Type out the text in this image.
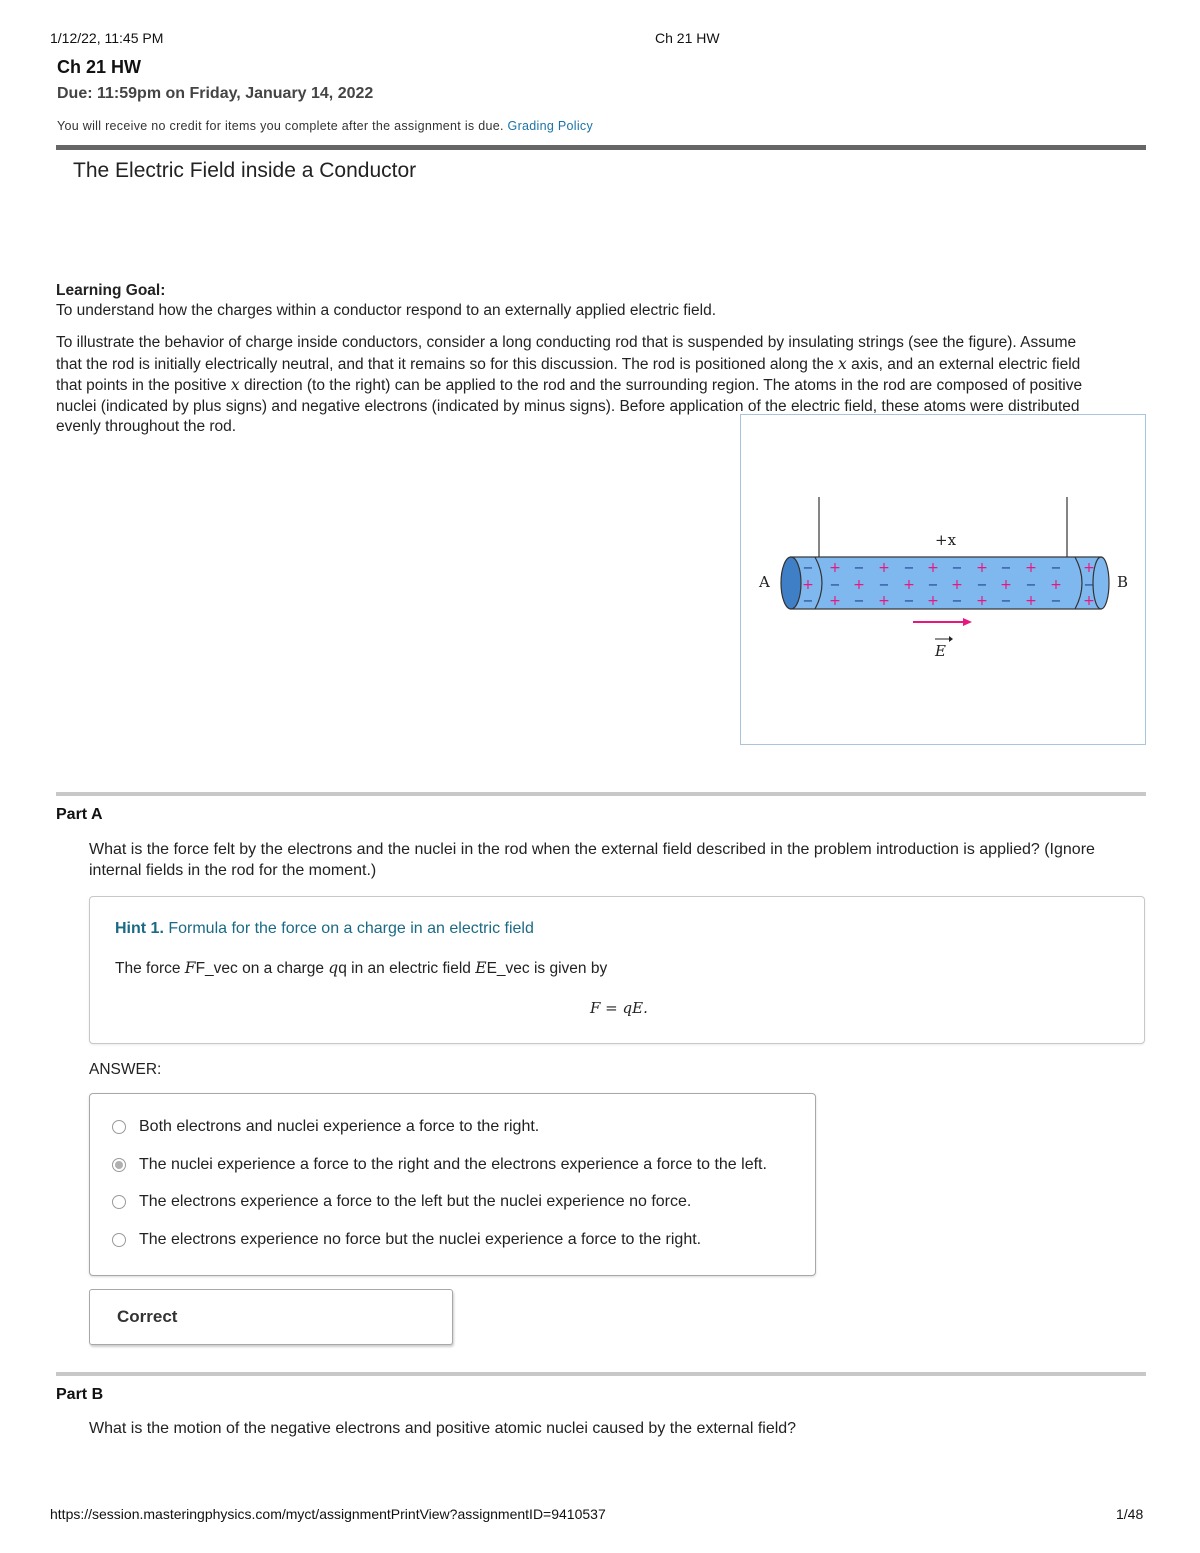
1/12/22, 11:45 PM	Ch 21 HW
Ch 21 HW
Due: 11:59pm on Friday, January 14, 2022
You will receive no credit for items you complete after the assignment is due. Grading Policy
The Electric Field inside a Conductor
Learning Goal:
To understand how the charges within a conductor respond to an externally applied electric field.
To illustrate the behavior of charge inside conductors, consider a long conducting rod that is suspended by insulating strings (see the figure). Assume
that the rod is initially electrically neutral, and that it remains so for this discussion. The rod is positioned along the x axis, and an external electric field
that points in the positive x direction (to the right) can be applied to the rod and the surrounding region. The atoms in the rod are composed of positive
nuclei (indicated by plus signs) and negative electrons (indicated by minus signs). Before application of the electric field, these atoms were distributed
evenly throughout the rod.
−
+
−
+
−
+
+
−
+
−
+
−
+
−
+
−
+
−
+
−
+
−
+
−
+
−
+
−
+
−
+
−
+
−
+
−
+x
A	B
E
Part A
What is the force felt by the electrons and the nuclei in the rod when the external field described in the problem introduction is applied? (Ignore
internal fields in the rod for the moment.)
Hint 1. Formula for the force on a charge in an electric field
The force FF_vec on a charge qq in an electric field EE_vec is given by
F = qE.
ANSWER:
Both electrons and nuclei experience a force to the right.
The nuclei experience a force to the right and the electrons experience a force to the left.
The electrons experience a force to the left but the nuclei experience no force.
The electrons experience no force but the nuclei experience a force to the right.
Correct
Part B
What is the motion of the negative electrons and positive atomic nuclei caused by the external field?
https://session.masteringphysics.com/myct/assignmentPrintView?assignmentID=9410537	1/48
